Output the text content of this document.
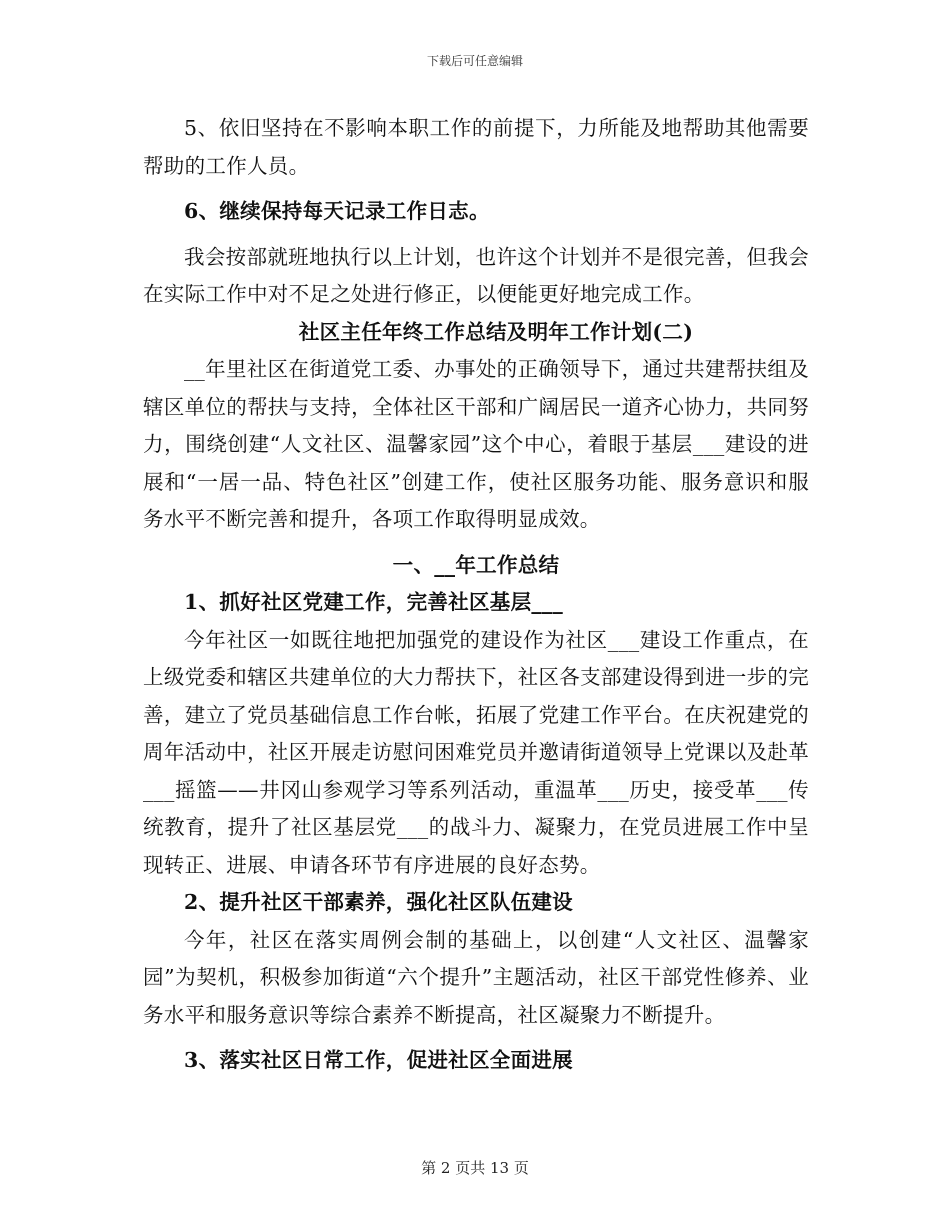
下载后可任意编辑

5、依旧坚持在不影响本职工作的前提下，力所能及地帮助其他需要帮助的工作人员。

6、继续保持每天记录工作日志。

我会按部就班地执行以上计划，也许这个计划并不是很完善，但我会在实际工作中对不足之处进行修正，以便能更好地完成工作。

社区主任年终工作总结及明年工作计划(二)

__年里社区在街道党工委、办事处的正确领导下，通过共建帮扶组及辖区单位的帮扶与支持，全体社区干部和广阔居民一道齐心协力，共同努力，围绕创建“人文社区、温馨家园”这个中心，着眼于基层___建设的进展和“一居一品、特色社区”创建工作，使社区服务功能、服务意识和服务水平不断完善和提升，各项工作取得明显成效。

一、__年工作总结

1、抓好社区党建工作，完善社区基层___

今年社区一如既往地把加强党的建设作为社区___建设工作重点，在上级党委和辖区共建单位的大力帮扶下，社区各支部建设得到进一步的完善，建立了党员基础信息工作台帐，拓展了党建工作平台。在庆祝建党的周年活动中，社区开展走访慰问困难党员并邀请街道领导上党课以及赴革___摇篮——井冈山参观学习等系列活动，重温革___历史，接受革___传统教育，提升了社区基层党___的战斗力、凝聚力，在党员进展工作中呈现转正、进展、申请各环节有序进展的良好态势。

2、提升社区干部素养，强化社区队伍建设

今年，社区在落实周例会制的基础上，以创建“人文社区、温馨家园”为契机，积极参加街道“六个提升”主题活动，社区干部党性修养、业务水平和服务意识等综合素养不断提高，社区凝聚力不断提升。

3、落实社区日常工作，促进社区全面进展

第 2 页共 13 页
